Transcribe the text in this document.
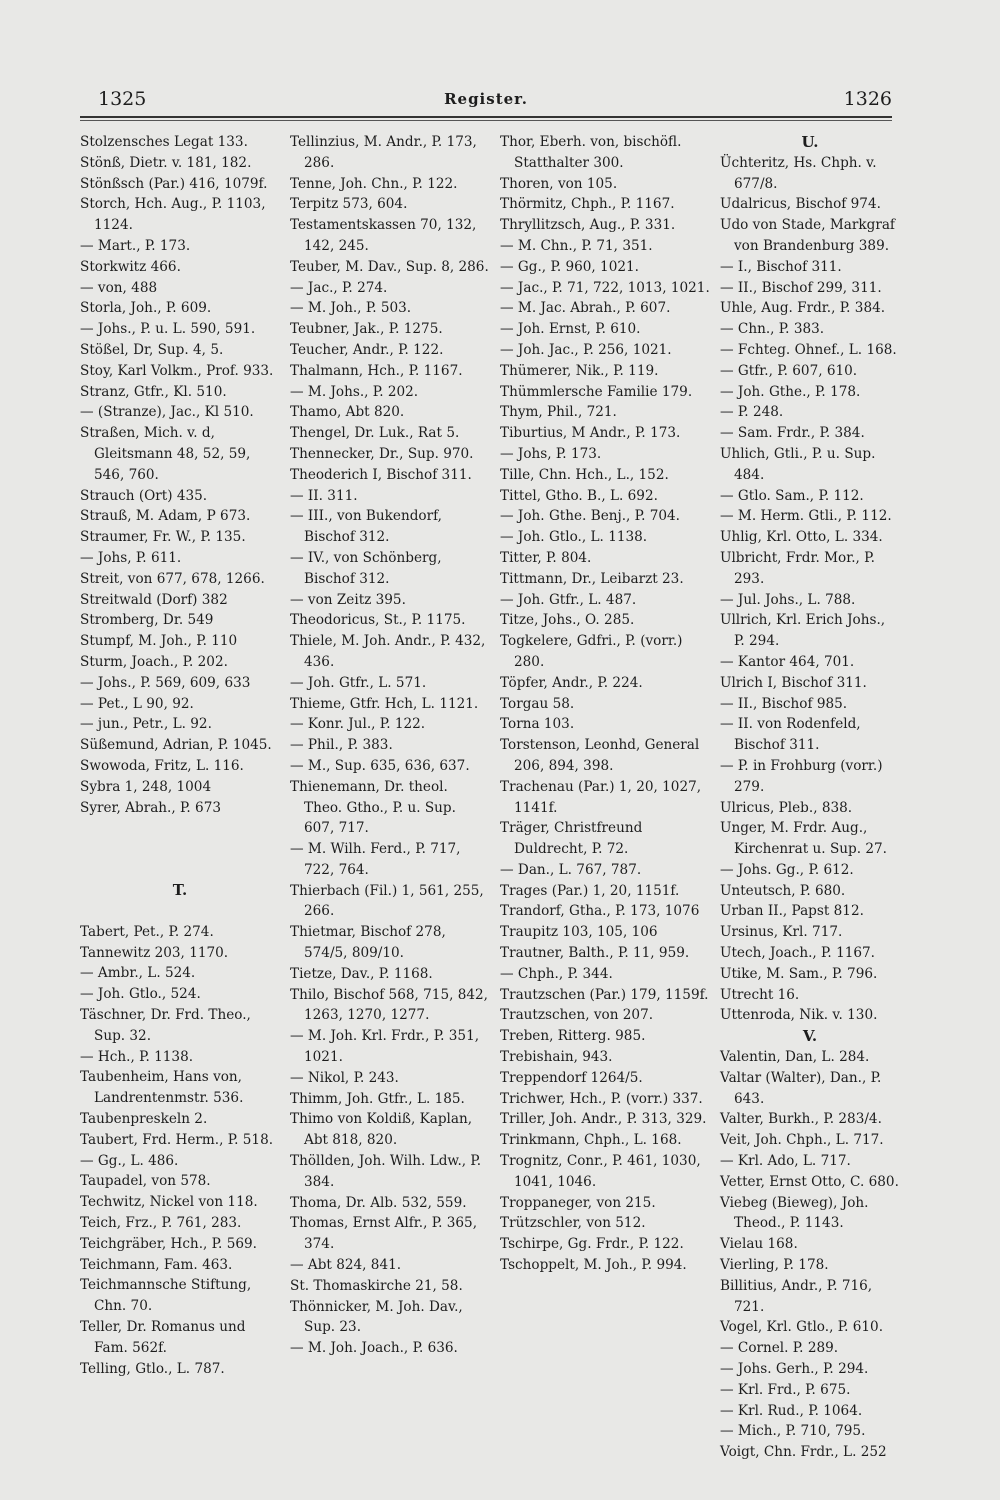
1325	Register.	1326
Stolzensches Legat 133.
Stönß, Dietr. v. 181, 182.
Stönßsch (Par.) 416, 1079f.
Storch, Hch. Aug., P. 1103, 1124.
— Mart., P. 173.
Storkwitz 466.
— von, 488
Storla, Joh., P. 609.
— Johs., P. u. L. 590, 591.
Stößel, Dr, Sup. 4, 5.
Stoy, Karl Volkm., Prof. 933.
Stranz, Gtfr., Kl. 510.
— (Stranze), Jac., Kl 510.
Straßen, Mich. v. d, Gleitsmann 48, 52, 59, 546, 760.
Strauch (Ort) 435.
Strauß, M. Adam, P 673.
Straumer, Fr. W., P. 135.
— Johs, P. 611.
Streit, von 677, 678, 1266.
Streitwald (Dorf) 382
Stromberg, Dr. 549
Stumpf, M. Joh., P. 110
Sturm, Joach., P. 202.
— Johs., P. 569, 609, 633
— Pet., L 90, 92.
— jun., Petr., L. 92.
Süßemund, Adrian, P. 1045.
Swowoda, Fritz, L. 116.
Sybra 1, 248, 1004
Syrer, Abrah., P. 673
T.
Tabert, Pet., P. 274.
Tannewitz 203, 1170.
— Ambr., L. 524.
— Joh. Gtlo., 524.
Täschner, Dr. Frd. Theo., Sup. 32.
— Hch., P. 1138.
Taubenheim, Hans von, Landrentenmstr. 536.
Taubenpreskeln 2.
Taubert, Frd. Herm., P. 518.
— Gg., L. 486.
Taupadel, von 578.
Techwitz, Nickel von 118.
Teich, Frz., P. 761, 283.
Teichgräber, Hch., P. 569.
Teichmann, Fam. 463.
Teichmannsche Stiftung, Chn. 70.
Teller, Dr. Romanus und Fam. 562f.
Telling, Gtlo., L. 787.
Tellinzius, M. Andr., P. 173, 286.
Tenne, Joh. Chn., P. 122.
Terpitz 573, 604.
Testamentskassen 70, 132, 142, 245.
Teuber, M. Dav., Sup. 8, 286.
— Jac., P. 274.
— M. Joh., P. 503.
Teubner, Jak., P. 1275.
Teucher, Andr., P. 122.
Thalmann, Hch., P. 1167.
— M. Johs., P. 202.
Thamo, Abt 820.
Thengel, Dr. Luk., Rat 5.
Thennecker, Dr., Sup. 970.
Theoderich I, Bischof 311.
— II. 311.
— III., von Bukendorf, Bischof 312.
— IV., von Schönberg, Bischof 312.
— von Zeitz 395.
Theodoricus, St., P. 1175.
Thiele, M. Joh. Andr., P. 432, 436.
— Joh. Gtfr., L. 571.
Thieme, Gtfr. Hch, L. 1121.
— Konr. Jul., P. 122.
— Phil., P. 383.
— M., Sup. 635, 636, 637.
Thienemann, Dr. theol. Theo. Gtho., P. u. Sup. 607, 717.
— M. Wilh. Ferd., P. 717, 722, 764.
Thierbach (Fil.) 1, 561, 255, 266.
Thietmar, Bischof 278, 574/5, 809/10.
Tietze, Dav., P. 1168.
Thilo, Bischof 568, 715, 842, 1263, 1270, 1277.
— M. Joh. Krl. Frdr., P. 351, 1021.
— Nikol, P. 243.
Thimm, Joh. Gtfr., L. 185.
Thimo von Koldiß, Kaplan, Abt 818, 820.
Thöllden, Joh. Wilh. Ldw., P. 384.
Thoma, Dr. Alb. 532, 559.
Thomas, Ernst Alfr., P. 365, 374.
— Abt 824, 841.
St. Thomaskirche 21, 58.
Thönnicker, M. Joh. Dav., Sup. 23.
— M. Joh. Joach., P. 636.
Thor, Eberh. von, bischöfl. Statthalter 300.
Thoren, von 105.
Thörmitz, Chph., P. 1167.
Thryllitzsch, Aug., P. 331.
— M. Chn., P. 71, 351.
— Gg., P. 960, 1021.
— Jac., P. 71, 722, 1013, 1021.
— M. Jac. Abrah., P. 607.
— Joh. Ernst, P. 610.
— Joh. Jac., P. 256, 1021.
Thümerer, Nik., P. 119.
Thümmlersche Familie 179.
Thym, Phil., 721.
Tiburtius, M Andr., P. 173.
— Johs, P. 173.
Tille, Chn. Hch., L., 152.
Tittel, Gtho. B., L. 692.
— Joh. Gthe. Benj., P. 704.
— Joh. Gtlo., L. 1138.
Titter, P. 804.
Tittmann, Dr., Leibarzt 23.
— Joh. Gtfr., L. 487.
Titze, Johs., O. 285.
Togkelere, Gdfri., P. (vorr.) 280.
Töpfer, Andr., P. 224.
Torgau 58.
Torna 103.
Torstenson, Leonhd, General 206, 894, 398.
Trachenau (Par.) 1, 20, 1027, 1141f.
Träger, Christfreund Duldrecht, P. 72.
— Dan., L. 767, 787.
Trages (Par.) 1, 20, 1151f.
Trandorf, Gtha., P. 173, 1076
Traupitz 103, 105, 106
Trautner, Balth., P. 11, 959.
— Chph., P. 344.
Trautzschen (Par.) 179, 1159f.
Trautzschen, von 207.
Treben, Ritterg. 985.
Trebishain, 943.
Treppendorf 1264/5.
Trichwer, Hch., P. (vorr.) 337.
Triller, Joh. Andr., P. 313, 329.
Trinkmann, Chph., L. 168.
Trognitz, Conr., P. 461, 1030, 1041, 1046.
Troppaneger, von 215.
Trützschler, von 512.
Tschirpe, Gg. Frdr., P. 122.
Tschoppelt, M. Joh., P. 994.
U.
Üchteritz, Hs. Chph. v. 677/8.
Udalricus, Bischof 974.
Udo von Stade, Markgraf von Brandenburg 389.
— I., Bischof 311.
— II., Bischof 299, 311.
Uhle, Aug. Frdr., P. 384.
— Chn., P. 383.
— Fchteg. Ohnef., L. 168.
— Gtfr., P. 607, 610.
— Joh. Gthe., P. 178.
— P. 248.
— Sam. Frdr., P. 384.
Uhlich, Gtli., P. u. Sup. 484.
— Gtlo. Sam., P. 112.
— M. Herm. Gtli., P. 112.
Uhlig, Krl. Otto, L. 334.
Ulbricht, Frdr. Mor., P. 293.
— Jul. Johs., L. 788.
Ullrich, Krl. Erich Johs., P. 294.
— Kantor 464, 701.
Ulrich I, Bischof 311.
— II., Bischof 985.
— II. von Rodenfeld, Bischof 311.
— P. in Frohburg (vorr.) 279.
Ulricus, Pleb., 838.
Unger, M. Frdr. Aug., Kirchenrat u. Sup. 27.
— Johs. Gg., P. 612.
Unteutsch, P. 680.
Urban II., Papst 812.
Ursinus, Krl. 717.
Utech, Joach., P. 1167.
Utike, M. Sam., P. 796.
Utrecht 16.
Uttenroda, Nik. v. 130.
V.
Valentin, Dan, L. 284.
Valtar (Walter), Dan., P. 643.
Valter, Burkh., P. 283/4.
Veit, Joh. Chph., L. 717.
— Krl. Ado, L. 717.
Vetter, Ernst Otto, C. 680.
Viebeg (Bieweg), Joh. Theod., P. 1143.
Vielau 168.
Vierling, P. 178.
Billitius, Andr., P. 716, 721.
Vogel, Krl. Gtlo., P. 610.
— Cornel. P. 289.
— Johs. Gerh., P. 294.
— Krl. Frd., P. 675.
— Krl. Rud., P. 1064.
— Mich., P. 710, 795.
Voigt, Chn. Frdr., L. 252
